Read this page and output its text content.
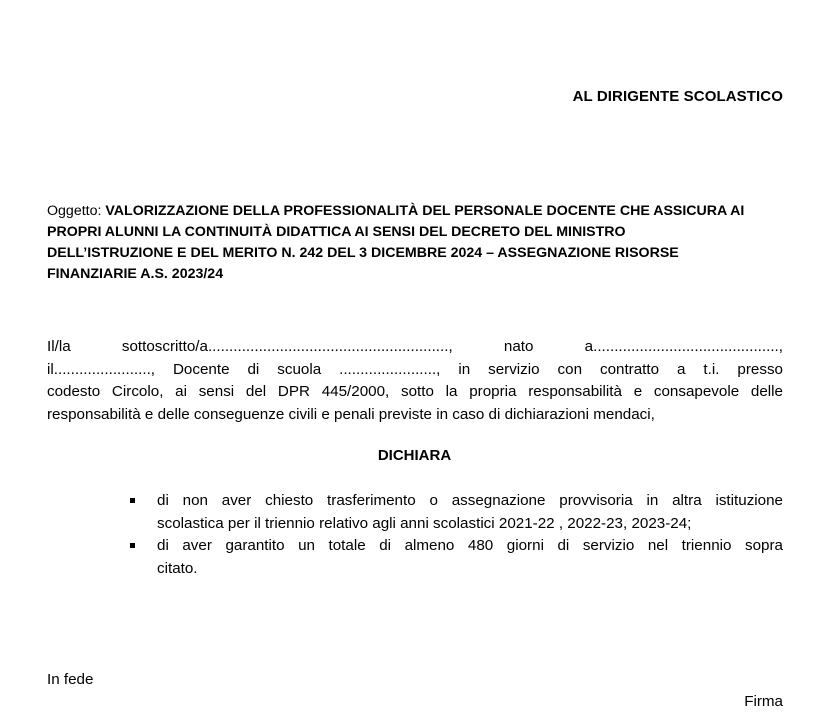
AL DIRIGENTE SCOLASTICO
Oggetto: VALORIZZAZIONE DELLA PROFESSIONALITÀ DEL PERSONALE DOCENTE CHE ASSICURA AI
PROPRI ALUNNI LA CONTINUITÀ DIDATTICA AI SENSI DEL DECRETO DEL MINISTRO
DELL’ISTRUZIONE E DEL MERITO N. 242 DEL 3 DICEMBRE 2024 – ASSEGNAZIONE RISORSE
FINANZIARIE A.S. 2023/24
Il/la sottoscritto/a........................................................., nato a............................................,
il......................., Docente di scuola ......................., in servizio con contratto a t.i. presso
codesto Circolo, ai sensi del DPR 445/2000, sotto la propria responsabilità e consapevole delle
responsabilità e delle conseguenze civili e penali previste in caso di dichiarazioni mendaci,
DICHIARA
di non aver chiesto trasferimento o assegnazione provvisoria in altra istituzione
scolastica per il triennio relativo agli anni scolastici 2021-22 , 2022-23, 2023-24;
di aver garantito un totale di almeno 480 giorni di servizio nel triennio sopra
citato.
In fede
Firma
